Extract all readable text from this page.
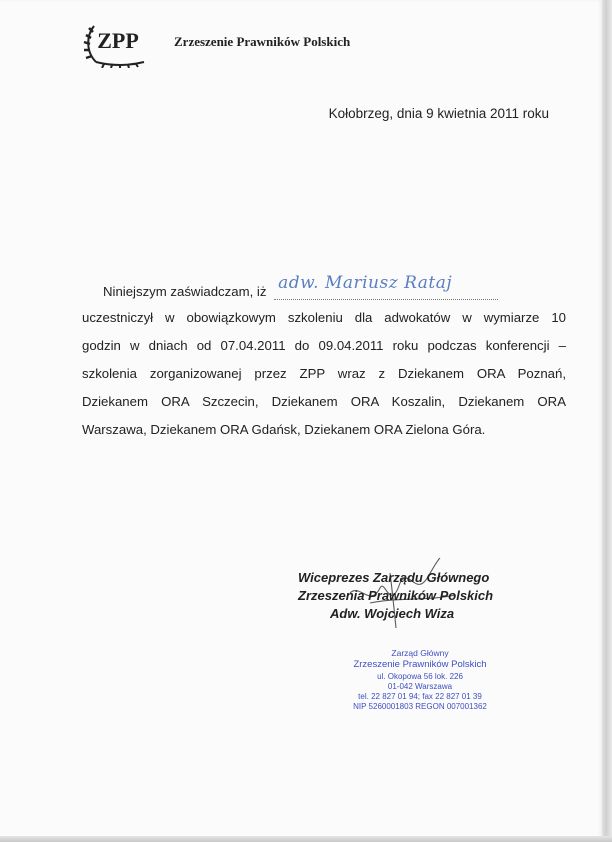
ZPP	Zrzeszenie Prawników Polskich
Kołobrzeg, dnia 9 kwietnia 2011 roku
Niniejszym zaświadczam, iż adw. Mariusz Rataj
uczestniczył w obowiązkowym szkoleniu dla adwokatów w wymiarze 10
godzin w dniach od 07.04.2011 do 09.04.2011 roku podczas konferencji –
szkolenia zorganizowanej przez ZPP wraz z Dziekanem ORA Poznań,
Dziekanem ORA Szczecin, Dziekanem ORA Koszalin, Dziekanem ORA
Warszawa, Dziekanem ORA Gdańsk, Dziekanem ORA Zielona Góra.
Wiceprezes Zarządu Głównego
Zrzeszenia Prawników Polskich
Adw. Wojciech Wiza
Zarząd Główny
Zrzeszenie Prawników Polskich
ul. Okopowa 56 lok. 226
01-042 Warszawa
tel. 22 827 01 94; fax 22 827 01 39
NIP 5260001803 REGON 007001362
